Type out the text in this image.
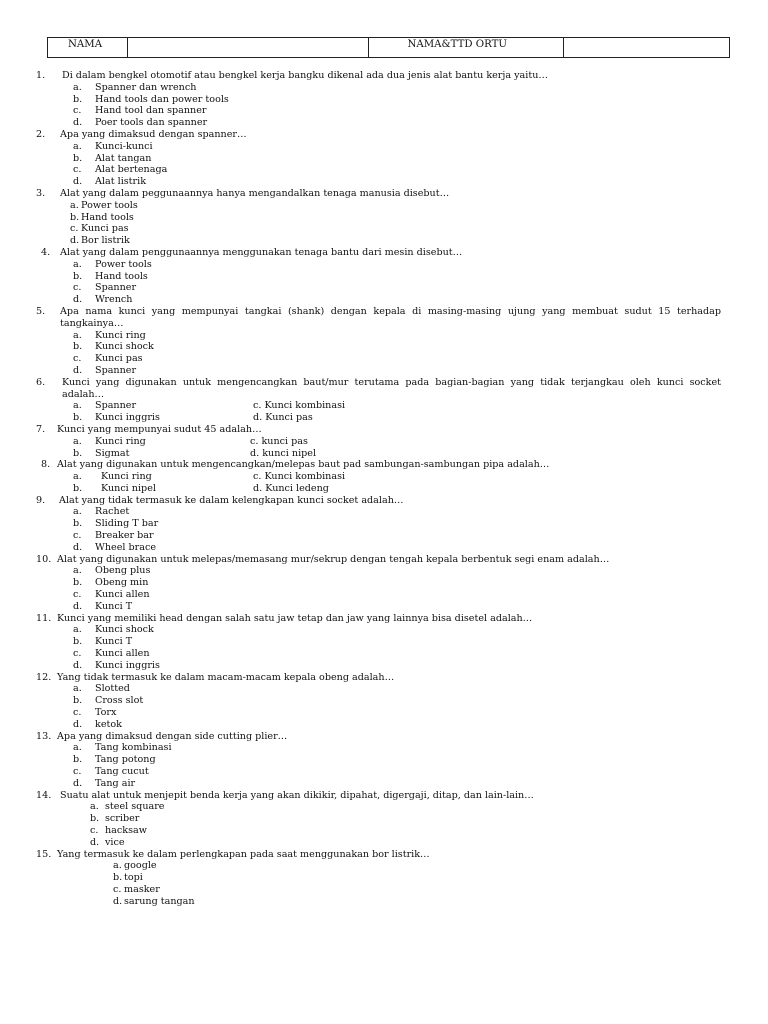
NAMA		NAMA&TTD ORTU	
1. Di dalam bengkel otomotif atau bengkel kerja bangku dikenal ada dua jenis alat bantu kerja yaitu…
a. Spanner dan wrench
b. Hand tools dan power tools
c. Hand tool dan spanner
d. Poer tools dan spanner
2. Apa yang dimaksud dengan spanner…
a. Kunci-kunci
b. Alat tangan
c. Alat bertenaga
d. Alat listrik
3. Alat yang dalam peggunaannya hanya mengandalkan tenaga manusia disebut…
a. Power tools
b. Hand tools
c. Kunci pas
d. Bor listrik
4. Alat yang dalam penggunaannya menggunakan tenaga bantu dari mesin disebut…
a. Power tools
b. Hand tools
c. Spanner
d. Wrench
5. Apa nama kunci yang mempunyai tangkai (shank) dengan kepala di masing-masing ujung yang membuat sudut 15 terhadap tangkainya…
a. Kunci ring
b. Kunci shock
c. Kunci pas
d. Spanner
6. Kunci yang digunakan untuk mengencangkan baut/mur terutama pada bagian-bagian yang tidak terjangkau oleh kunci socket adalah…
a. Spanner	c. Kunci kombinasi
b. Kunci inggris	d. Kunci pas
7. Kunci yang mempunyai sudut 45 adalah…
a. Kunci ring	c. kunci pas
b. Sigmat	d. kunci nipel
8. Alat yang digunakan untuk mengencangkan/melepas baut pad sambungan-sambungan pipa adalah…
a. Kunci ring	c. Kunci kombinasi
b. Kunci nipel	d. Kunci ledeng
9. Alat yang tidak termasuk ke dalam kelengkapan kunci socket adalah…
a. Rachet
b. Sliding T bar
c. Breaker bar
d. Wheel brace
10. Alat yang digunakan untuk melepas/memasang mur/sekrup dengan tengah kepala berbentuk segi enam adalah…
a. Obeng plus
b. Obeng min
c. Kunci allen
d. Kunci T
11. Kunci yang memiliki head dengan salah satu jaw tetap dan jaw yang lainnya bisa disetel adalah…
a. Kunci shock
b. Kunci T
c. Kunci allen
d. Kunci inggris
12. Yang tidak termasuk ke dalam macam-macam kepala obeng adalah…
a. Slotted
b. Cross slot
c. Torx
d. ketok
13. Apa yang dimaksud dengan side cutting plier…
a. Tang kombinasi
b. Tang potong
c. Tang cucut
d. Tang air
14. Suatu alat untuk menjepit benda kerja yang akan dikikir, dipahat, digergaji, ditap, dan lain-lain…
a. steel square
b. scriber
c. hacksaw
d. vice
15. Yang termasuk ke dalam perlengkapan pada saat menggunakan bor listrik…
a. google
b. topi
c. masker
d. sarung tangan
